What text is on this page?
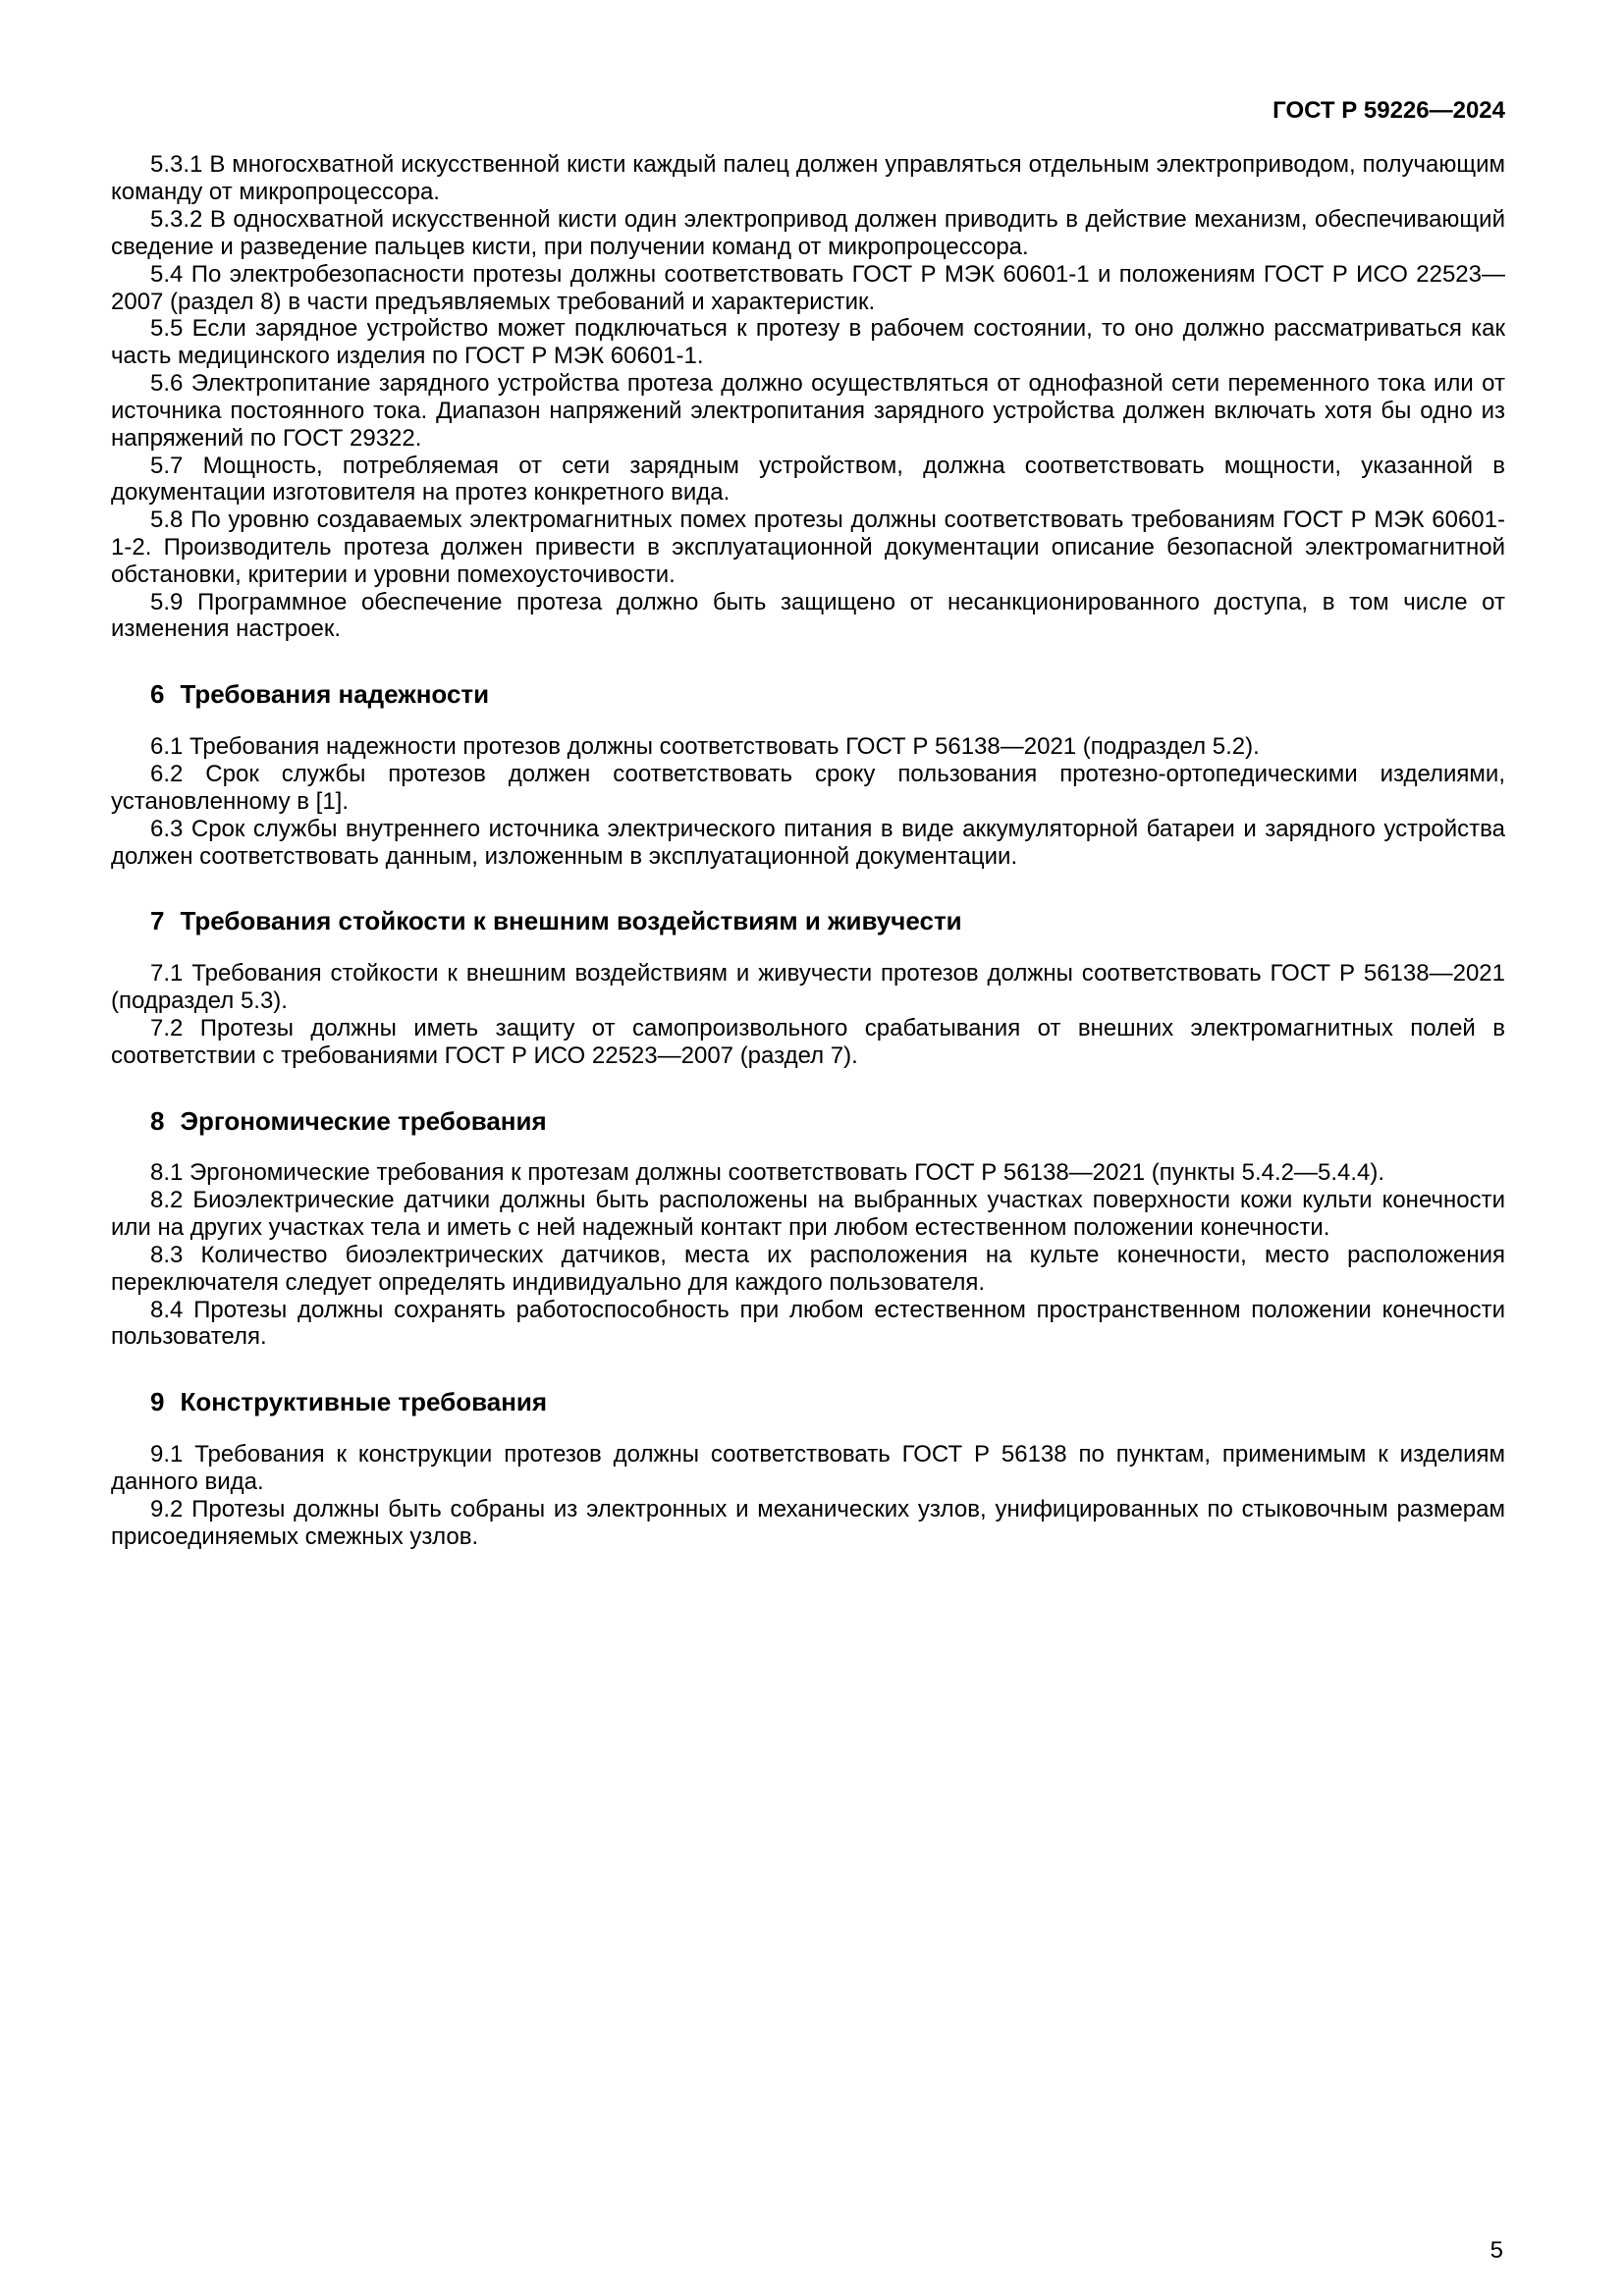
ГОСТ Р 59226—2024

5.3.1 В многосхватной искусственной кисти каждый палец должен управляться отдельным электроприводом, получающим команду от микропроцессора.

5.3.2 В односхватной искусственной кисти один электропривод должен приводить в действие механизм, обеспечивающий сведение и разведение пальцев кисти, при получении команд от микропроцессора.

5.4 По электробезопасности протезы должны соответствовать ГОСТ Р МЭК 60601-1 и положениям ГОСТ Р ИСО 22523—2007 (раздел 8) в части предъявляемых требований и характеристик.

5.5 Если зарядное устройство может подключаться к протезу в рабочем состоянии, то оно должно рассматриваться как часть медицинского изделия по ГОСТ Р МЭК 60601-1.

5.6 Электропитание зарядного устройства протеза должно осуществляться от однофазной сети переменного тока или от источника постоянного тока. Диапазон напряжений электропитания зарядного устройства должен включать хотя бы одно из напряжений по ГОСТ 29322.

5.7 Мощность, потребляемая от сети зарядным устройством, должна соответствовать мощности, указанной в документации изготовителя на протез конкретного вида.

5.8 По уровню создаваемых электромагнитных помех протезы должны соответствовать требованиям ГОСТ Р МЭК 60601-1-2. Производитель протеза должен привести в эксплуатационной документации описание безопасной электромагнитной обстановки, критерии и уровни помехоусточивости.

5.9 Программное обеспечение протеза должно быть защищено от несанкционированного доступа, в том числе от изменения настроек.

6 Требования надежности

6.1 Требования надежности протезов должны соответствовать ГОСТ Р 56138—2021 (подраздел 5.2).

6.2 Срок службы протезов должен соответствовать сроку пользования протезно-ортопедическими изделиями, установленному в [1].

6.3 Срок службы внутреннего источника электрического питания в виде аккумуляторной батареи и зарядного устройства должен соответствовать данным, изложенным в эксплуатационной документации.

7 Требования стойкости к внешним воздействиям и живучести

7.1 Требования стойкости к внешним воздействиям и живучести протезов должны соответствовать ГОСТ Р 56138—2021 (подраздел 5.3).

7.2 Протезы должны иметь защиту от самопроизвольного срабатывания от внешних электромагнитных полей в соответствии с требованиями ГОСТ Р ИСО 22523—2007 (раздел 7).

8 Эргономические требования

8.1 Эргономические требования к протезам должны соответствовать ГОСТ Р 56138—2021 (пункты 5.4.2—5.4.4).

8.2 Биоэлектрические датчики должны быть расположены на выбранных участках поверхности кожи культи конечности или на других участках тела и иметь с ней надежный контакт при любом естественном положении конечности.

8.3 Количество биоэлектрических датчиков, места их расположения на культе конечности, место расположения переключателя следует определять индивидуально для каждого пользователя.

8.4 Протезы должны сохранять работоспособность при любом естественном пространственном положении конечности пользователя.

9 Конструктивные требования

9.1 Требования к конструкции протезов должны соответствовать ГОСТ Р 56138 по пунктам, применимым к изделиям данного вида.

9.2 Протезы должны быть собраны из электронных и механических узлов, унифицированных по стыковочным размерам присоединяемых смежных узлов.

5
